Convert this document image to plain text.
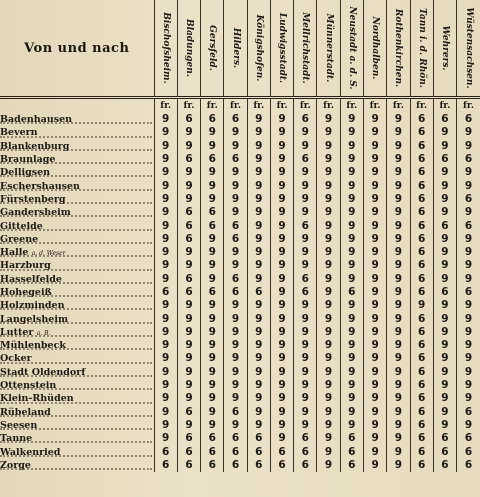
Von und nach	Bischofsheim.	Bladungen.	Gersfeld.	Hilders.	Königshofen.	Ludwigsstadt.	Mellrichstadt.	Münnerstadt.	Neustadt a. d. S.	Nordhalben.	Rothenkirchen.	Tann i. d. Rhön.	Wehrers.	Wüstensachsen.

	fr.	fr.	fr.	fr.	fr.	fr.	fr.	fr.	fr.	fr.	fr.	fr.	fr.	fr.

Badenhausen	9	6	6	6	9	9	6	9	9	9	9	6	6	6

Bevern	9	9	9	9	9	9	9	9	9	9	9	6	9	9

Blankenburg	9	9	9	9	9	9	9	9	9	9	9	6	9	9

Braunlage	9	6	6	6	9	9	6	9	9	9	9	6	6	6

Delligsen	9	9	9	9	9	9	9	9	9	9	9	6	9	9

Eschershausen	9	9	9	9	9	9	9	9	9	9	9	6	9	9

Fürstenberg	9	9	9	9	9	9	9	9	9	9	9	6	9	6

Gandersheim	9	6	6	9	9	9	9	9	9	9	9	6	9	9

Gittelde	9	6	6	6	9	9	6	9	9	9	9	6	6	6

Greene	9	6	9	6	9	9	9	9	9	9	9	6	9	9

Halle a. d. Weser	9	9	9	9	9	9	9	9	9	9	9	6	9	9

Harzburg	9	9	9	9	9	9	9	9	9	9	9	6	9	9

Hasselfelde	9	6	9	6	9	9	6	9	9	9	9	6	9	9

Hohegeiß	6	6	6	6	6	9	6	9	6	9	9	6	6	6

Holzminden	9	9	9	9	9	9	9	9	9	9	9	9	9	9

Langelsheim	9	9	9	9	9	9	9	9	9	9	9	6	9	9

Lutter a. B.	9	9	9	9	9	9	9	9	9	9	9	6	9	9

Mühlenbeck	9	9	9	9	9	9	9	9	9	9	9	6	9	9

Ocker	9	9	9	9	9	9	9	9	9	9	9	6	9	9

Stadt Oldendorf	9	9	9	9	9	9	9	9	9	9	9	6	9	9

Ottenstein	9	9	9	9	9	9	9	9	9	9	9	6	9	9

Klein-Rhüden	9	9	9	9	9	9	9	9	9	9	9	6	9	9

Rübeland	9	6	9	6	9	9	9	9	9	9	9	6	9	6

Seesen	9	9	9	9	9	9	9	9	9	9	9	6	9	9

Tanne	9	6	6	6	6	9	6	9	6	9	9	6	6	6

Walkenried	6	6	6	6	6	6	6	9	6	9	9	6	6	6

Zorge	6	6	6	6	6	6	6	9	6	9	9	6	6	6
